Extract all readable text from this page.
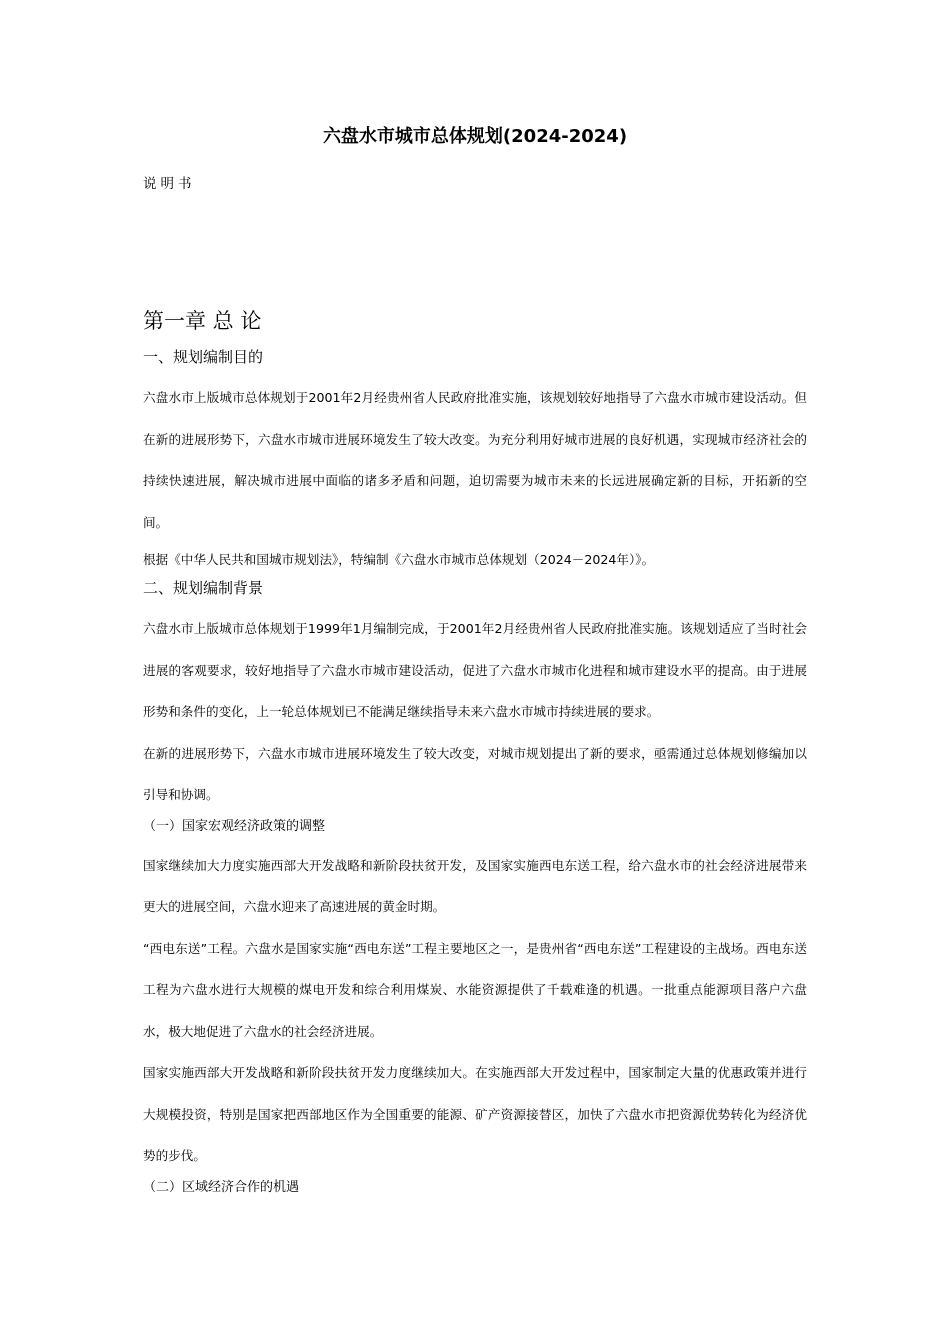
六盘水市城市总体规划(2024-2024)
说明书
第一章 总 论
一、规划编制目的

六盘水市上版城市总体规划于2001年2月经贵州省人民政府批准实施，该规划较好地指导了六盘水市城市建设活动。但在新的进展形势下，六盘水市城市进展环境发生了较大改变。为充分利用好城市进展的良好机遇，实现城市经济社会的持续快速进展，解决城市进展中面临的诸多矛盾和问题，迫切需要为城市未来的长远进展确定新的目标，开拓新的空间。

根据《中华人民共和国城市规划法》，特编制《六盘水市城市总体规划（2024－2024年）》。

二、规划编制背景

六盘水市上版城市总体规划于1999年1月编制完成，于2001年2月经贵州省人民政府批准实施。该规划适应了当时社会进展的客观要求，较好地指导了六盘水市城市建设活动，促进了六盘水市城市化进程和城市建设水平的提高。由于进展形势和条件的变化，上一轮总体规划已不能满足继续指导未来六盘水市城市持续进展的要求。

在新的进展形势下，六盘水市城市进展环境发生了较大改变，对城市规划提出了新的要求，亟需通过总体规划修编加以引导和协调。

（一）国家宏观经济政策的调整

国家继续加大力度实施西部大开发战略和新阶段扶贫开发，及国家实施西电东送工程，给六盘水市的社会经济进展带来更大的进展空间，六盘水迎来了高速进展的黄金时期。

“西电东送”工程。六盘水是国家实施“西电东送”工程主要地区之一，是贵州省“西电东送”工程建设的主战场。西电东送工程为六盘水进行大规模的煤电开发和综合利用煤炭、水能资源提供了千载难逢的机遇。一批重点能源项目落户六盘水，极大地促进了六盘水的社会经济进展。

国家实施西部大开发战略和新阶段扶贫开发力度继续加大。在实施西部大开发过程中，国家制定大量的优惠政策并进行大规模投资，特别是国家把西部地区作为全国重要的能源、矿产资源接替区，加快了六盘水市把资源优势转化为经济优势的步伐。

（二）区域经济合作的机遇
